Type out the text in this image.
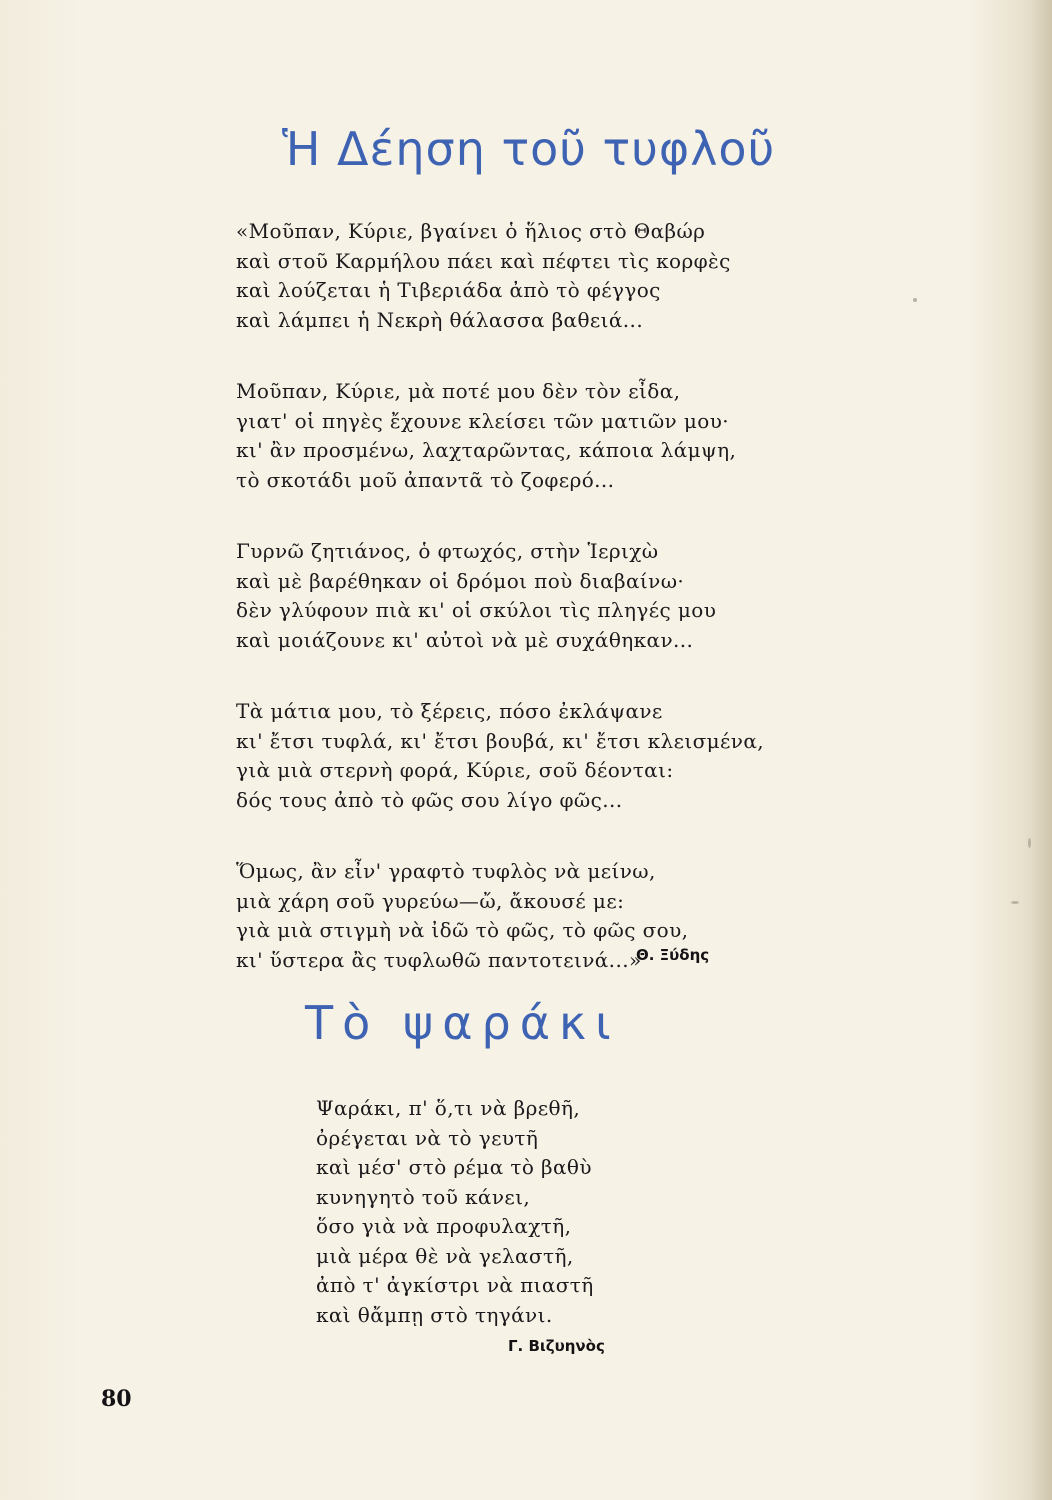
Ἡ Δέηση τοῦ τυφλοῦ
«Μοῦπαν, Κύριε, βγαίνει ὁ ἥλιος στὸ Θαβώρ
καὶ στοῦ Καρμήλου πάει καὶ πέφτει τὶς κορφὲς
καὶ λούζεται ἡ Τιβεριάδα ἀπὸ τὸ φέγγος
καὶ λάμπει ἡ Νεκρὴ θάλασσα βαθειά...
Μοῦπαν, Κύριε, μὰ ποτέ μου δὲν τὸν εἶδα,
γιατ' οἱ πηγὲς ἔχουνε κλείσει τῶν ματιῶν μου·
κι' ἂν προσμένω, λαχταρῶντας, κάποια λάμψη,
τὸ σκοτάδι μοῦ ἀπαντᾶ τὸ ζοφερό...
Γυρνῶ ζητιάνος, ὁ φτωχός, στὴν Ἱεριχὼ
καὶ μὲ βαρέθηκαν οἱ δρόμοι ποὺ διαβαίνω·
δὲν γλύφουν πιὰ κι' οἱ σκύλοι τὶς πληγές μου
καὶ μοιάζουνε κι' αὐτοὶ νὰ μὲ συχάθηκαν...
Τὰ μάτια μου, τὸ ξέρεις, πόσο ἐκλάψανε
κι' ἔτσι τυφλά, κι' ἔτσι βουβά, κι' ἔτσι κλεισμένα,
γιὰ μιὰ στερνὴ φορά, Κύριε, σοῦ δέονται:
δός τους ἀπὸ τὸ φῶς σου λίγο φῶς...
Ὅμως, ἂν εἶν' γραφτὸ τυφλὸς νὰ μείνω,
μιὰ χάρη σοῦ γυρεύω—ὤ, ἄκουσέ με:
γιὰ μιὰ στιγμὴ νὰ ἰδῶ τὸ φῶς, τὸ φῶς σου,
κι' ὕστερα ἂς τυφλωθῶ παντοτεινά...»
Θ. Ξύδης
Τὸ ψαράκι
Ψαράκι, π' ὅ,τι νὰ βρεθῆ,
ὀρέγεται νὰ τὸ γευτῆ
καὶ μέσ' στὸ ρέμα τὸ βαθὺ
κυνηγητὸ τοῦ κάνει,
ὅσο γιὰ νὰ προφυλαχτῆ,
μιὰ μέρα θὲ νὰ γελαστῆ,
ἀπὸ τ' ἀγκίστρι νὰ πιαστῆ
καὶ θἄμπῃ στὸ τηγάνι.
Γ. Βιζυηνὸς
80
